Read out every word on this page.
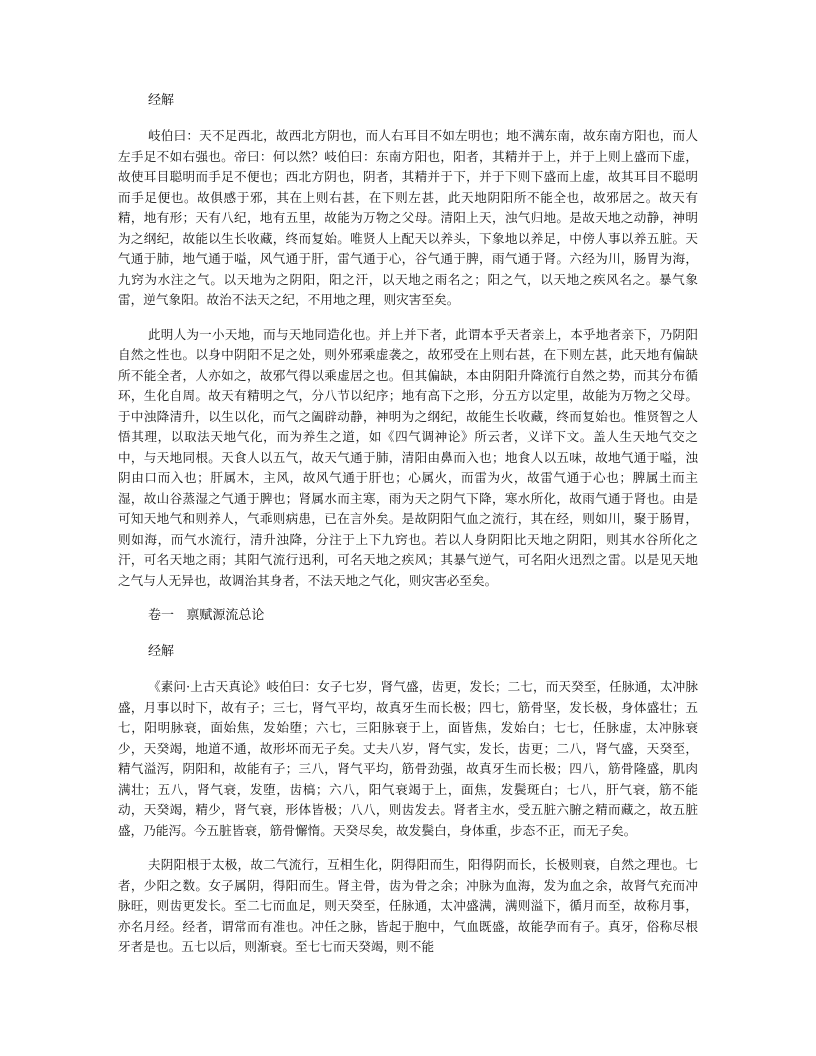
经解

岐伯曰：天不足西北，故西北方阴也，而人右耳目不如左明也；地不满东南，故东南方阳也，而人左手足不如右强也。帝曰：何以然？岐伯曰：东南方阳也，阳者，其精并于上，并于上则上盛而下虚，故使耳目聪明而手足不便也；西北方阴也，阴者，其精并于下，并于下则下盛而上虚，故其耳目不聪明而手足便也。故俱感于邪，其在上则右甚，在下则左甚，此天地阴阳所不能全也，故邪居之。故天有精，地有形；天有八纪，地有五里，故能为万物之父母。清阳上天，浊气归地。是故天地之动静，神明为之纲纪，故能以生长收藏，终而复始。唯贤人上配天以养头，下象地以养足，中傍人事以养五脏。天气通于肺，地气通于嗌，风气通于肝，雷气通于心，谷气通于脾，雨气通于肾。六经为川，肠胃为海，九窍为水注之气。以天地为之阴阳，阳之汗，以天地之雨名之；阳之气，以天地之疾风名之。暴气象雷，逆气象阳。故治不法天之纪，不用地之理，则灾害至矣。

此明人为一小天地，而与天地同造化也。并上并下者，此谓本乎天者亲上，本乎地者亲下，乃阴阳自然之性也。以身中阴阳不足之处，则外邪乘虚袭之，故邪受在上则右甚，在下则左甚，此天地有偏缺所不能全者，人亦如之，故邪气得以乘虚居之也。但其偏缺，本由阴阳升降流行自然之势，而其分布循环，生化自周。故天有精明之气，分八节以纪序；地有高下之形，分五方以定里，故能为万物之父母。于中浊降清升，以生以化，而气之阖辟动静，神明为之纲纪，故能生长收藏，终而复始也。惟贤智之人悟其理，以取法天地气化，而为养生之道，如《四气调神论》所云者，义详下文。盖人生天地气交之中，与天地同根。天食人以五气，故天气通于肺，清阳由鼻而入也；地食人以五味，故地气通于嗌，浊阴由口而入也；肝属木，主风，故风气通于肝也；心属火，而雷为火，故雷气通于心也；脾属土而主湿，故山谷蒸湿之气通于脾也；肾属水而主寒，雨为天之阴气下降，寒水所化，故雨气通于肾也。由是可知天地气和则养人，气乖则病患，已在言外矣。是故阴阳气血之流行，其在经，则如川，聚于肠胃，则如海，而气水流行，清升浊降，分注于上下九窍也。若以人身阴阳比天地之阴阳，则其水谷所化之汗，可名天地之雨；其阳气流行迅利，可名天地之疾风；其暴气逆气，可名阳火迅烈之雷。以是见天地之气与人无异也，故调治其身者，不法天地之气化，则灾害必至矣。

卷一 禀赋源流总论
经解

《素问·上古天真论》岐伯曰：女子七岁，肾气盛，齿更，发长；二七，而天癸至，任脉通，太冲脉盛，月事以时下，故有子；三七，肾气平均，故真牙生而长极；四七，筋骨坚，发长极，身体盛壮；五七，阳明脉衰，面始焦，发始堕；六七，三阳脉衰于上，面皆焦，发始白；七七，任脉虚，太冲脉衰少，天癸竭，地道不通，故形坏而无子矣。丈夫八岁，肾气实，发长，齿更；二八，肾气盛，天癸至，精气溢泻，阴阳和，故能有子；三八，肾气平均，筋骨劲强，故真牙生而长极；四八，筋骨隆盛，肌肉满壮；五八，肾气衰，发堕，齿槁；六八，阳气衰竭于上，面焦，发鬓斑白；七八，肝气衰，筋不能动，天癸竭，精少，肾气衰，形体皆极；八八，则齿发去。肾者主水，受五脏六腑之精而藏之，故五脏盛，乃能泻。今五脏皆衰，筋骨懈惰。天癸尽矣，故发鬓白，身体重，步态不正，而无子矣。

夫阴阳根于太极，故二气流行，互相生化，阴得阳而生，阳得阴而长，长极则衰，自然之理也。七者，少阳之数。女子属阴，得阳而生。肾主骨，齿为骨之余；冲脉为血海，发为血之余，故肾气充而冲脉旺，则齿更发长。至二七而血足，则天癸至，任脉通，太冲盛满，满则溢下，循月而至，故称月事，亦名月经。经者，谓常而有准也。冲任之脉，皆起于胞中，气血既盛，故能孕而有子。真牙，俗称尽根牙者是也。五七以后，则渐衰。至七七而天癸竭，则不能
